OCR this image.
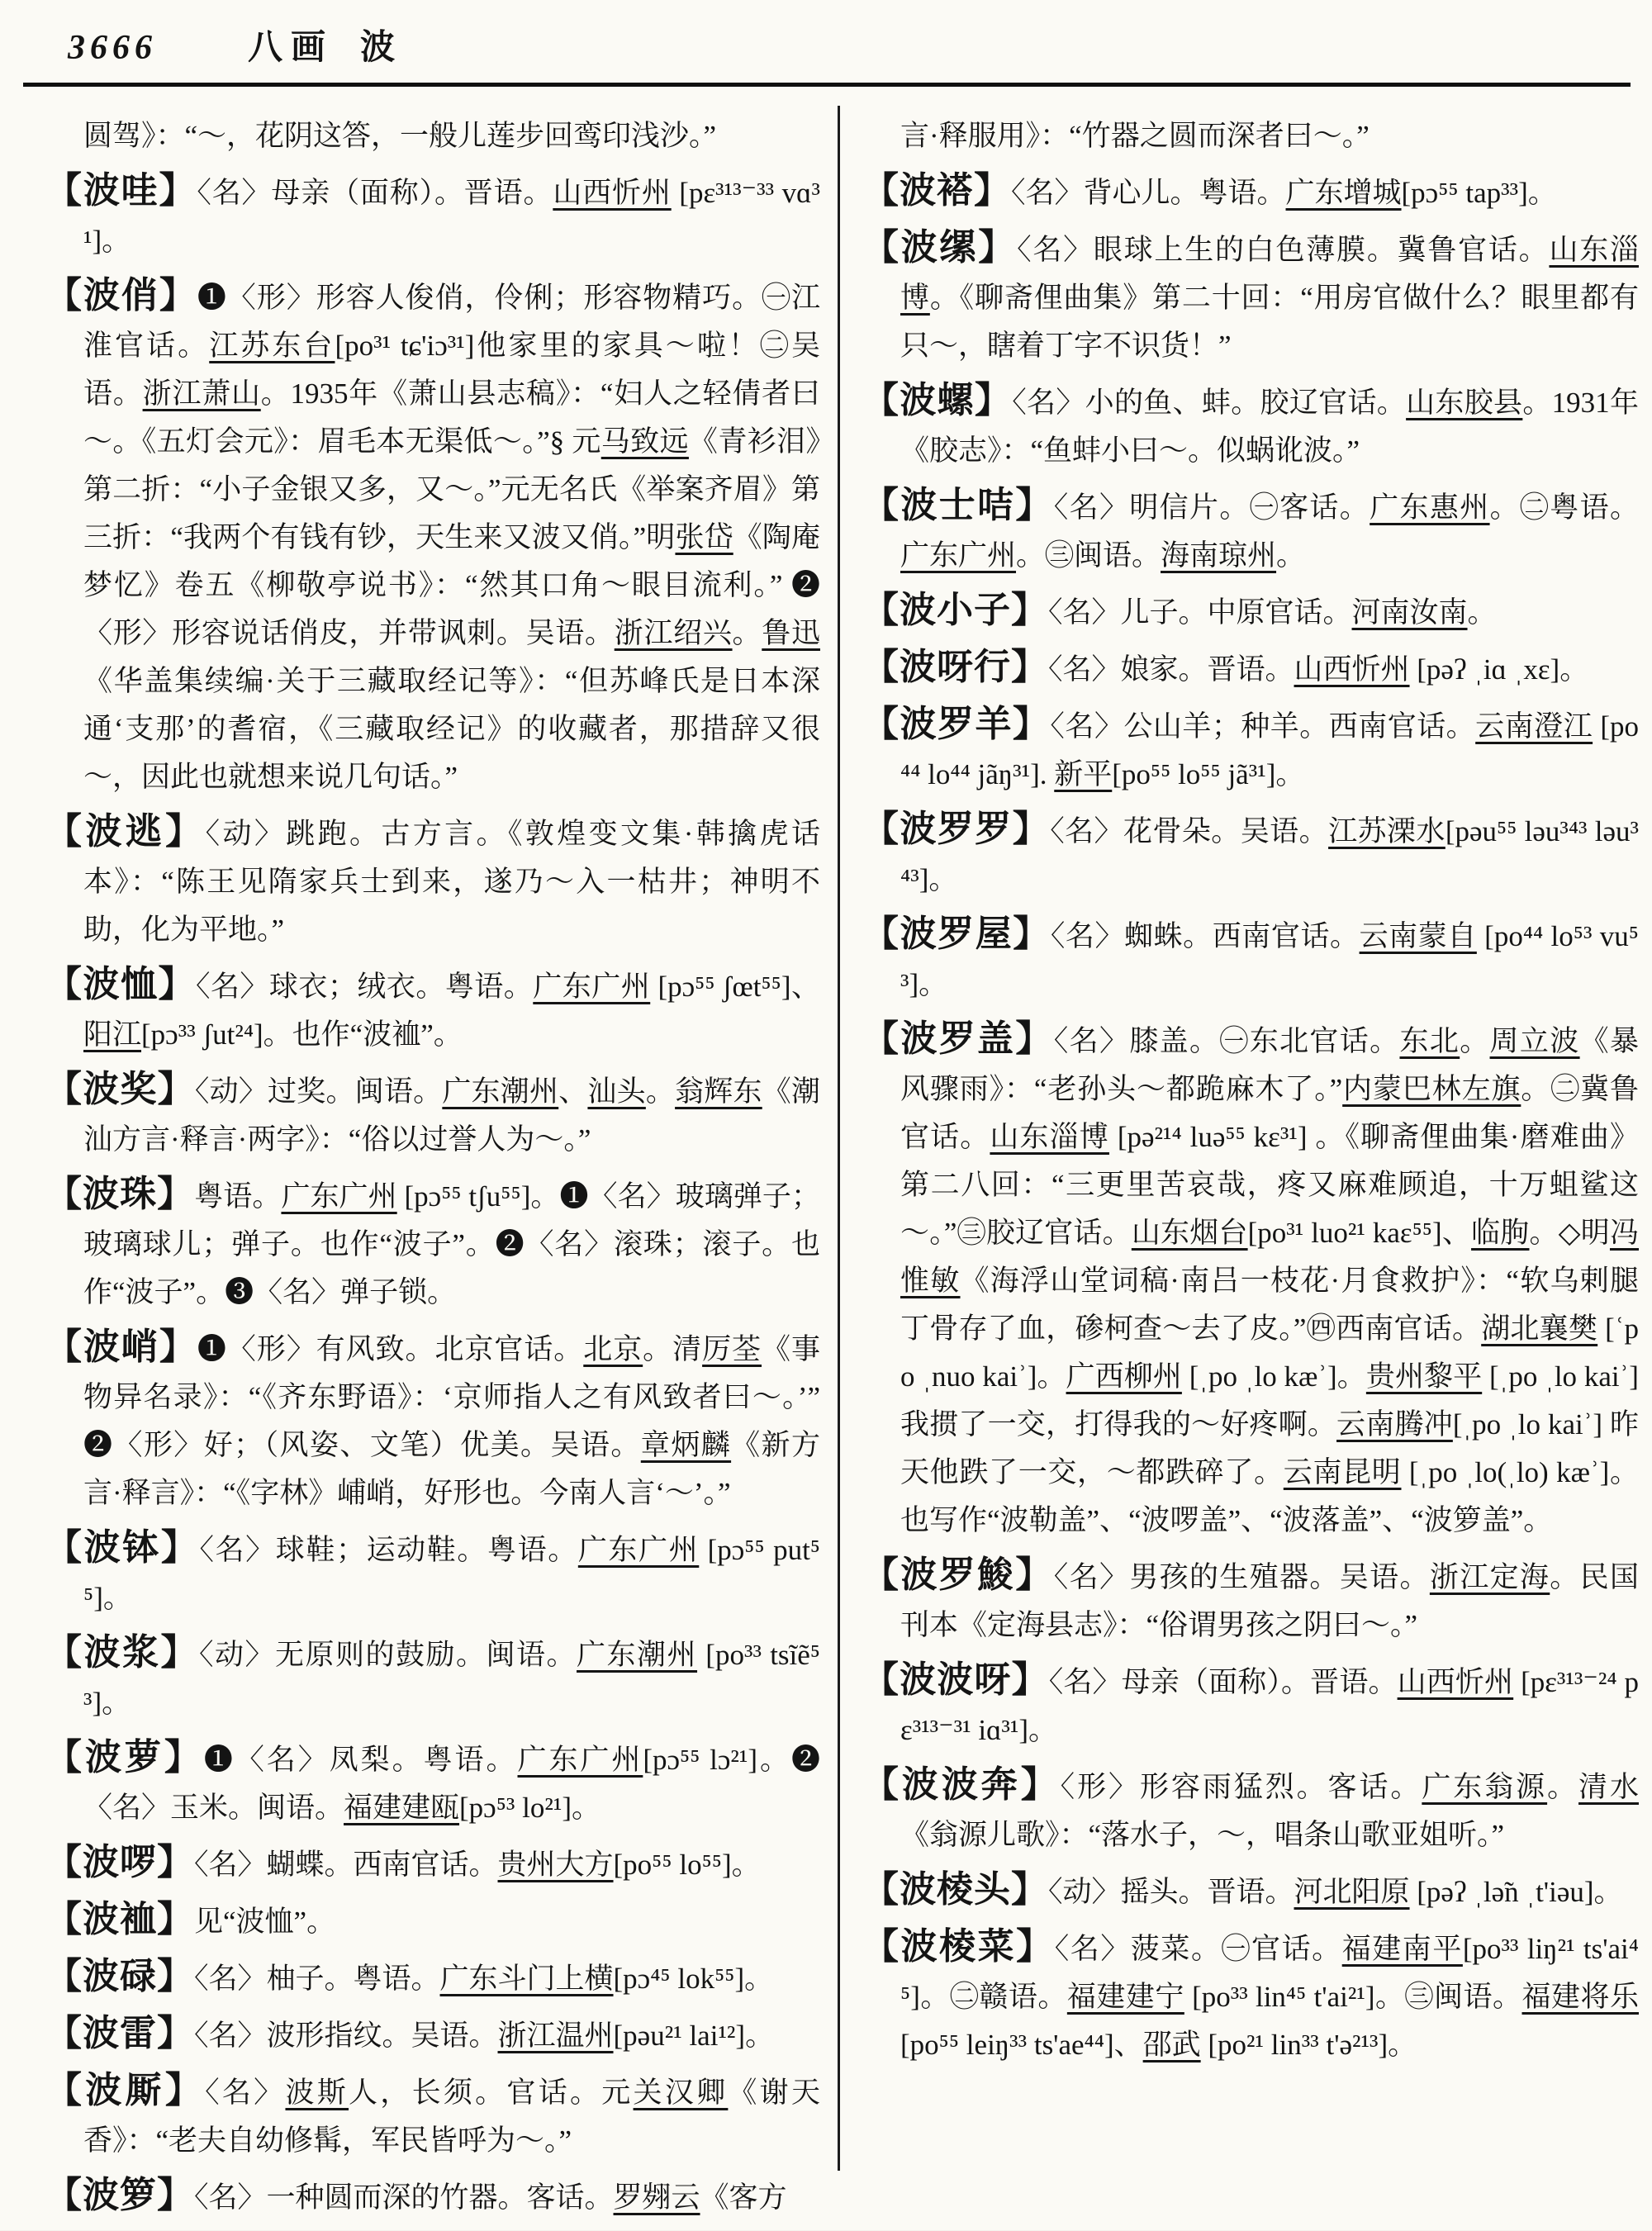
3666	八画 波
圆驾》：“～，花阴这答，一般儿莲步回鸾印浅沙。”
【波哇】〈名〉母亲（面称）。晋语。山西忻州 [pɛ³¹³⁻³³ vɑ³¹]。
【波俏】❶〈形〉形容人俊俏，伶俐；形容物精巧。㊀江淮官话。江苏东台[po³¹ tɕ'iɔ³¹]他家里的家具～啦！㊁吴语。浙江萧山。1935年《萧山县志稿》：“妇人之轻倩者曰～。《五灯会元》：眉毛本无渠低～。”§ 元马致远《青衫泪》第二折：“小子金银又多，又～。”元无名氏《举案齐眉》第三折：“我两个有钱有钞，天生来又波又俏。”明张岱《陶庵梦忆》卷五《柳敬亭说书》：“然其口角～眼目流利。” ❷〈形〉形容说话俏皮，并带讽刺。吴语。浙江绍兴。鲁迅《华盖集续编·关于三藏取经记等》：“但苏峰氏是日本深通‘支那’的耆宿，《三藏取经记》的收藏者，那措辞又很～，因此也就想来说几句话。”
【波逃】〈动〉跳跑。古方言。《敦煌变文集·韩擒虎话本》：“陈王见隋家兵士到来，遂乃～入一枯井；神明不助，化为平地。”
【波恤】〈名〉球衣；绒衣。粤语。广东广州 [pɔ⁵⁵ ʃœt⁵⁵]、阳江[pɔ³³ ʃut²⁴]。也作“波裇”。
【波奖】〈动〉过奖。闽语。广东潮州、汕头。翁辉东《潮汕方言·释言·两字》：“俗以过誉人为～。”
【波珠】粤语。广东广州 [pɔ⁵⁵ tʃu⁵⁵]。❶〈名〉玻璃弹子；玻璃球儿；弹子。也作“波子”。❷〈名〉滚珠；滚子。也作“波子”。❸〈名〉弹子锁。
【波峭】❶〈形〉有风致。北京官话。北京。清厉荃《事物异名录》：“《齐东野语》：‘京师指人之有风致者曰～。’” ❷〈形〉好；（风姿、文笔）优美。吴语。章炳麟《新方言·释言》：“《字林》峬峭，好形也。今南人言‘～’。”
【波钵】〈名〉球鞋；运动鞋。粤语。广东广州 [pɔ⁵⁵ put⁵⁵]。
【波浆】〈动〉无原则的鼓励。闽语。广东潮州 [po³³ tsĩẽ⁵³]。
【波萝】❶〈名〉凤梨。粤语。广东广州[pɔ⁵⁵ lɔ²¹]。❷〈名〉玉米。闽语。福建建瓯[pɔ⁵³ lo²¹]。
【波啰】〈名〉蝴蝶。西南官话。贵州大方[po⁵⁵ lo⁵⁵]。
【波裇】见“波恤”。
【波碌】〈名〉柚子。粤语。广东斗门上横[pɔ⁴⁵ lok⁵⁵]。
【波雷】〈名〉波形指纹。吴语。浙江温州[pəu²¹ lai¹²]。
【波厮】〈名〉波斯人，长须。官话。元关汉卿《谢天香》：“老夫自幼修髯，军民皆呼为～。”
【波箩】〈名〉一种圆而深的竹器。客话。罗翙云《客方
言·释服用》：“竹器之圆而深者曰～。”
【波褡】〈名〉背心儿。粤语。广东增城[pɔ⁵⁵ tap³³]。
【波缧】〈名〉眼球上生的白色薄膜。冀鲁官话。山东淄博。《聊斋俚曲集》第二十回：“用房官做什么？眼里都有只～，瞎着丁字不识货！”
【波螺】〈名〉小的鱼、蚌。胶辽官话。山东胶县。1931年《胶志》：“鱼蚌小曰～。似蜗讹波。”
【波士咭】〈名〉明信片。㊀客话。广东惠州。㊁粤语。广东广州。㊂闽语。海南琼州。
【波小子】〈名〉儿子。中原官话。河南汝南。
【波呀行】〈名〉娘家。晋语。山西忻州 [pəʔ ˌiɑ ˌxɛ]。
【波罗羊】〈名〉公山羊；种羊。西南官话。云南澄江 [po⁴⁴ lo⁴⁴ jãŋ³¹]. 新平[po⁵⁵ lo⁵⁵ jã³¹]。
【波罗罗】〈名〉花骨朵。吴语。江苏溧水[pəu⁵⁵ ləu³⁴³ ləu³⁴³]。
【波罗屋】〈名〉蜘蛛。西南官话。云南蒙自 [po⁴⁴ lo⁵³ vu⁵³]。
【波罗盖】〈名〉膝盖。㊀东北官话。东北。周立波《暴风骤雨》：“老孙头～都跪麻木了。”内蒙巴林左旗。㊁冀鲁官话。山东淄博 [pə²¹⁴ luə⁵⁵ kɛ³¹] 。《聊斋俚曲集·磨难曲》第二八回：“三更里苦哀哉，疼又麻难顾追，十万蛆鲨这～。”㊂胶辽官话。山东烟台[po³¹ luo²¹ kaɛ⁵⁵]、临朐。◇明冯惟敏《海浮山堂词稿·南吕一枝花·月食救护》：“软乌剌腿丁骨存了血，碜柯查～去了皮。”㊃西南官话。湖北襄樊 [ʿpo ˌnuo kaiʾ]。广西柳州 [ˌpo ˌlo kæʾ]。贵州黎平 [ˌpo ˌlo kaiʾ]我掼了一交，打得我的～好疼啊。云南腾冲[ˌpo ˌlo kaiʾ] 昨天他跌了一交，～都跌碎了。云南昆明 [ˌpo ˌlo(ˌlo) kæʾ]。也写作“波勒盖”、“波啰盖”、“波落盖”、“波箩盖”。
【波罗鮻】〈名〉男孩的生殖器。吴语。浙江定海。民国刊本《定海县志》：“俗谓男孩之阴曰～。”
【波波呀】〈名〉母亲（面称）。晋语。山西忻州 [pɛ³¹³⁻²⁴ pɛ³¹³⁻³¹ iɑ³¹]。
【波波奔】〈形〉形容雨猛烈。客话。广东翁源。清水《翁源儿歌》：“落水子，～，唱条山歌亚姐听。”
【波棱头】〈动〉摇头。晋语。河北阳原 [pəʔ ˌlə̃n ˌt'iəu]。
【波棱菜】〈名〉菠菜。㊀官话。福建南平[po³³ liŋ²¹ ts'ai⁴⁵]。㊁赣语。福建建宁 [po³³ lin⁴⁵ t'ai²¹]。㊂闽语。福建将乐 [po⁵⁵ leiŋ³³ ts'ae⁴⁴]、邵武 [po²¹ lin³³ t'ə²¹³]。
